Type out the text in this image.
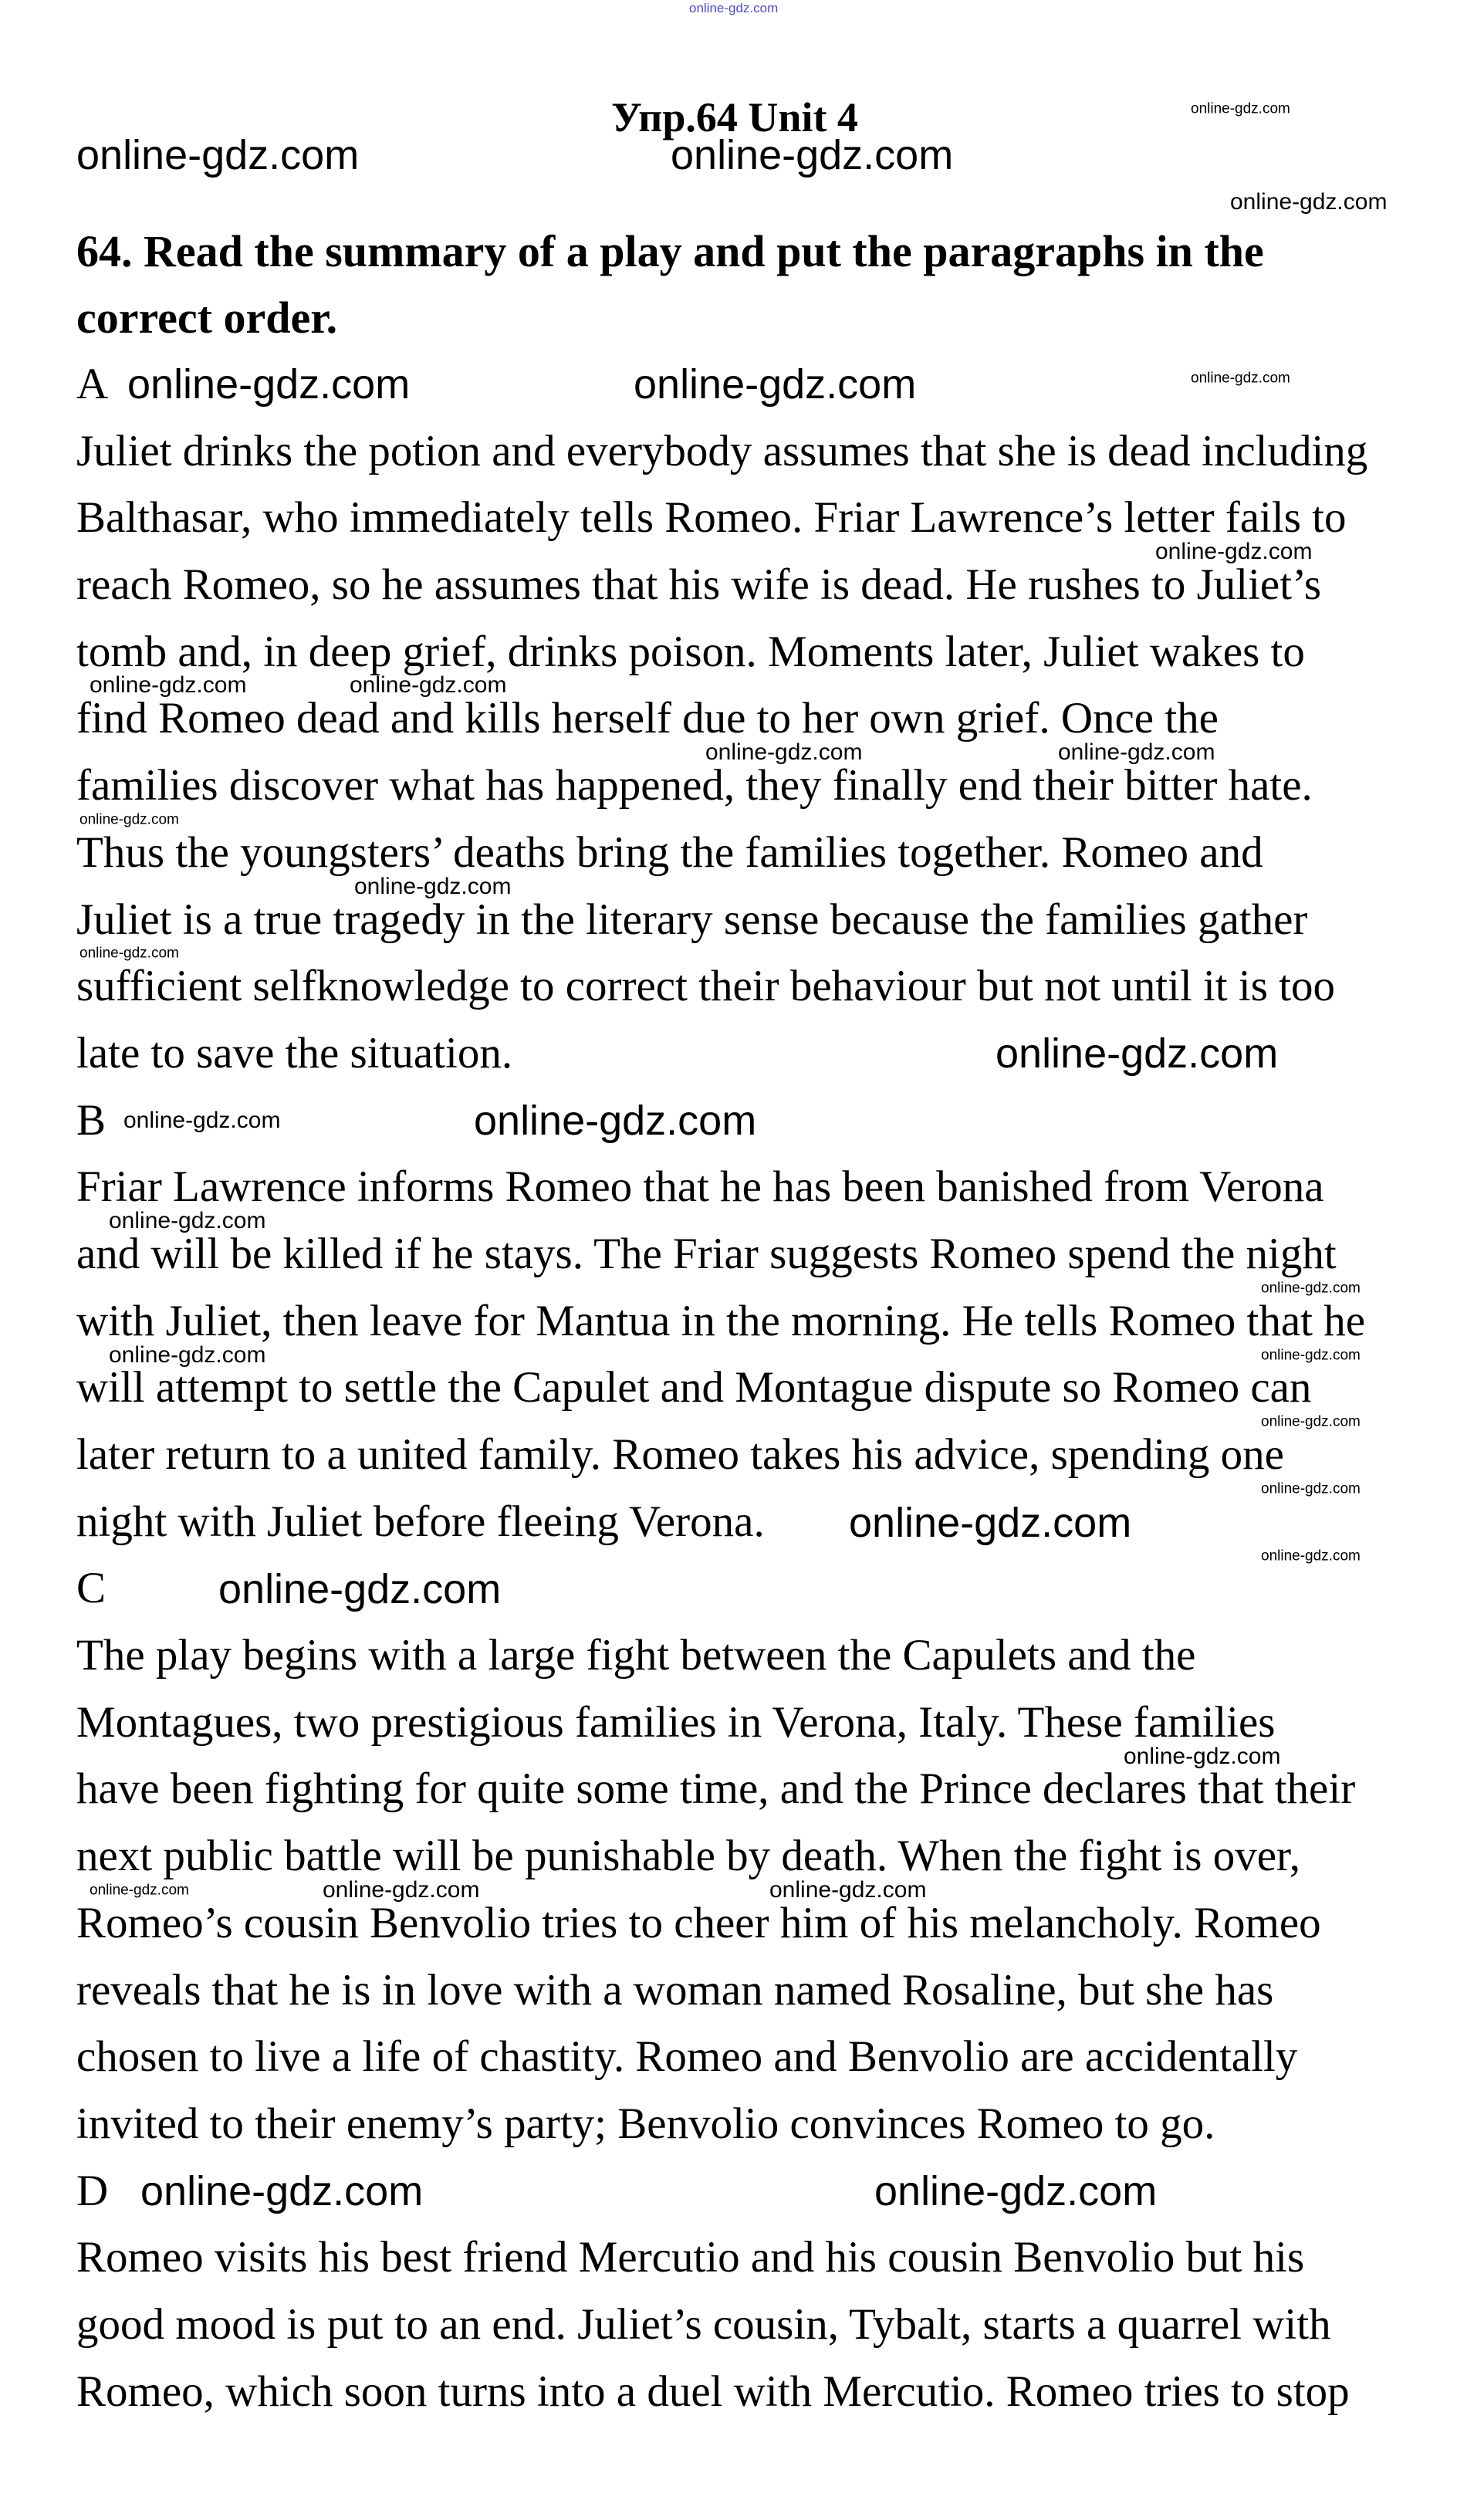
Упр.64 Unit 4
64. Read the summary of a play and put the paragraphs in the
correct order.
A
Juliet drinks the potion and everybody assumes that she is dead including
Balthasar, who immediately tells Romeo. Friar Lawrence’s letter fails to
reach Romeo, so he assumes that his wife is dead. He rushes to Juliet’s
tomb and, in deep grief, drinks poison. Moments later, Juliet wakes to
find Romeo dead and kills herself due to her own grief. Once the
families discover what has happened, they finally end their bitter hate.
Thus the youngsters’ deaths bring the families together. Romeo and
Juliet is a true tragedy in the literary sense because the families gather
sufficient selfknowledge to correct their behaviour but not until it is too
late to save the situation.
B
Friar Lawrence informs Romeo that he has been banished from Verona
and will be killed if he stays. The Friar suggests Romeo spend the night
with Juliet, then leave for Mantua in the morning. He tells Romeo that he
will attempt to settle the Capulet and Montague dispute so Romeo can
later return to a united family. Romeo takes his advice, spending one
night with Juliet before fleeing Verona.
C
The play begins with a large fight between the Capulets and the
Montagues, two prestigious families in Verona, Italy. These families
have been fighting for quite some time, and the Prince declares that their
next public battle will be punishable by death. When the fight is over,
Romeo’s cousin Benvolio tries to cheer him of his melancholy. Romeo
reveals that he is in love with a woman named Rosaline, but she has
chosen to live a life of chastity. Romeo and Benvolio are accidentally
invited to their enemy’s party; Benvolio convinces Romeo to go.
D
Romeo visits his best friend Mercutio and his cousin Benvolio but his
good mood is put to an end. Juliet’s cousin, Tybalt, starts a quarrel with
Romeo, which soon turns into a duel with Mercutio. Romeo tries to stop
online-gdz.com
online-gdz.com	online-gdz.com
online-gdz.com
online-gdz.com
online-gdz.com
online-gdz.com	online-gdz.com
online-gdz.com
online-gdz.com	online-gdz.com
online-gdz.com	online-gdz.com
online-gdz.com
online-gdz.com
online-gdz.com
online-gdz.com
online-gdz.com	online-gdz.com
online-gdz.com
online-gdz.com
online-gdz.com	online-gdz.com
online-gdz.com
online-gdz.com
online-gdz.com
online-gdz.com
online-gdz.com
online-gdz.com
online-gdz.com	online-gdz.com	online-gdz.com
online-gdz.com	online-gdz.com
